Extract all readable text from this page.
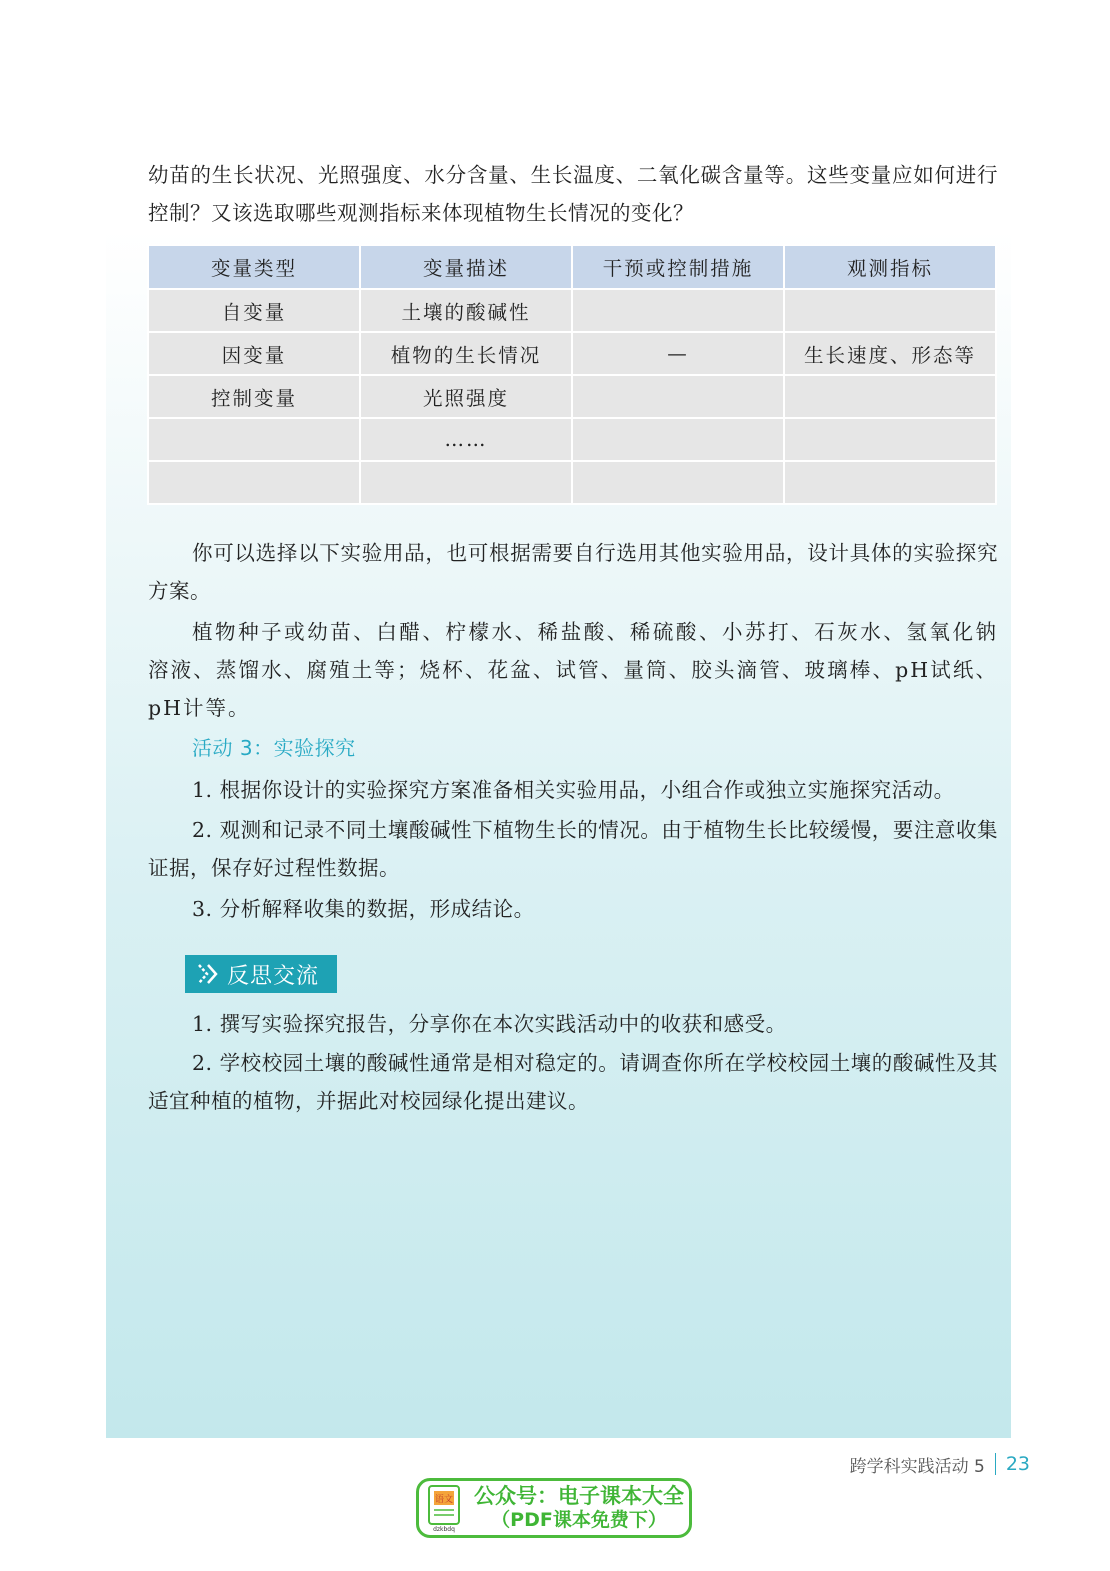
幼苗的生长状况、光照强度、水分含量、生长温度、二氧化碳含量等。这些变量应如何进行控制？又该选取哪些观测指标来体现植物生长情况的变化？

变量类型	变量描述	干预或控制措施	观测指标
自变量	土壤的酸碱性		
因变量	植物的生长情况	—	生长速度、形态等
控制变量	光照强度		
	……		

你可以选择以下实验用品，也可根据需要自行选用其他实验用品，设计具体的实验探究方案。

植物种子或幼苗、白醋、柠檬水、稀盐酸、稀硫酸、小苏打、石灰水、氢氧化钠溶液、蒸馏水、腐殖土等；烧杯、花盆、试管、量筒、胶头滴管、玻璃棒、pH试纸、pH计等。

活动 3：实验探究

1. 根据你设计的实验探究方案准备相关实验用品，小组合作或独立实施探究活动。

2. 观测和记录不同土壤酸碱性下植物生长的情况。由于植物生长比较缓慢，要注意收集证据，保存好过程性数据。

3. 分析解释收集的数据，形成结论。

反思交流

1. 撰写实验探究报告，分享你在本次实践活动中的收获和感受。

2. 学校校园土壤的酸碱性通常是相对稳定的。请调查你所在学校校园土壤的酸碱性及其适宜种植的植物，并据此对校园绿化提出建议。

跨学科实践活动 5 23
语文
dzkbdq
公众号：电子课本大全
（PDF课本免费下）
